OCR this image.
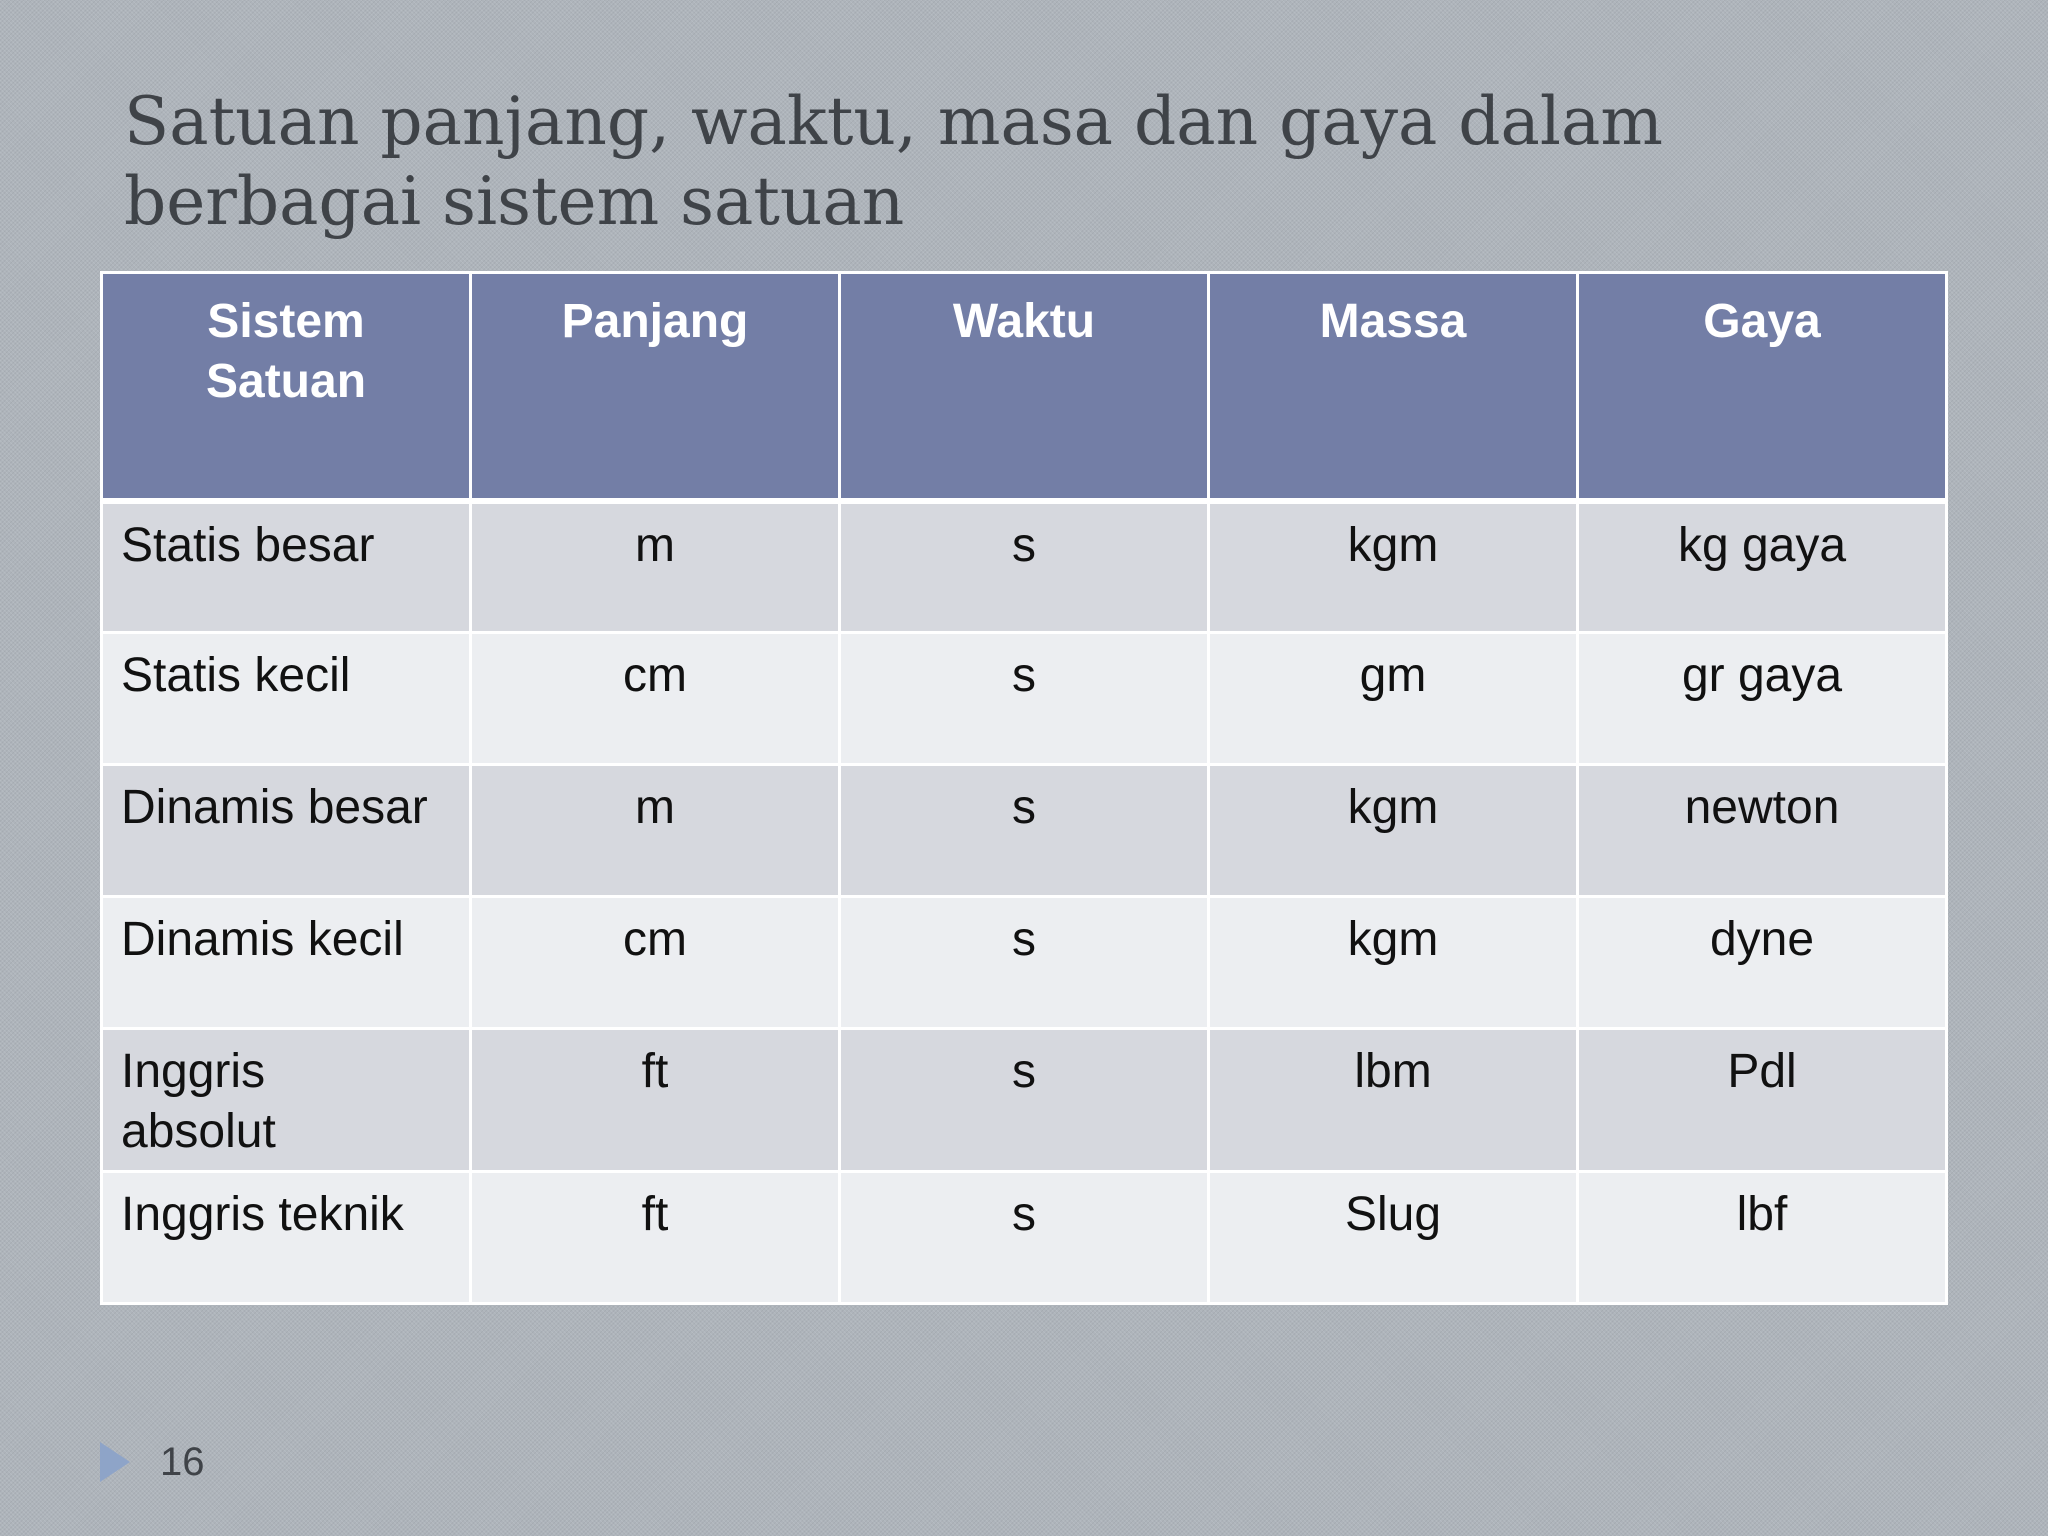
Satuan panjang, waktu, masa dan gaya dalam
berbagai sistem satuan
Sistem Satuan	Panjang	Waktu	Massa	Gaya
Statis besar	m	s	kgm	kg gaya
Statis kecil	cm	s	gm	gr gaya
Dinamis besar	m	s	kgm	newton
Dinamis kecil	cm	s	kgm	dyne
Inggris absolut	ft	s	lbm	Pdl
Inggris teknik	ft	s	Slug	lbf
16
